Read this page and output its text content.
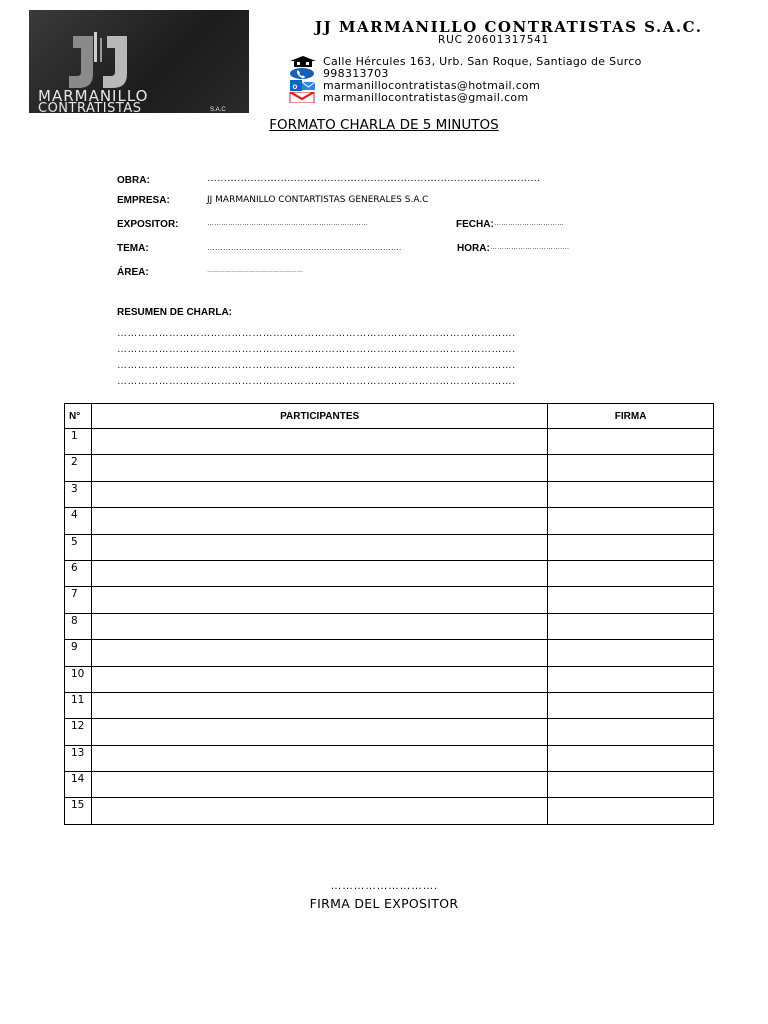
MARMANILLO
CONTRATISTAS	S.A.C
JJ MARMANILLO CONTRATISTAS S.A.C.
RUC 20601317541
Calle Hércules 163, Urb. San Roque, Santiago de Surco
998313703
o marmanillocontratistas@hotmail.com
marmanillocontratistas@gmail.com
FORMATO CHARLA DE 5 MINUTOS
OBRA:	……………………………………………………………………………………….
EMPRESA:	JJ MARMANILLO CONTARTISTAS GENERALES S.A.C
EXPOSITOR:	……………………………………………………………	FECHA: …………………………
TEMA:	……………………………………………………………….	HORA: …………………………….
ÁREA:	…………………………………………
RESUMEN DE CHARLA:
…………………………………………………………………………………………………….
…………………………………………………………………………………………………….
…………………………………………………………………………………………………….
…………………………………………………………………………………………………….
N°	PARTICIPANTES	FIRMA
1		
2		
3		
4		
5		
6		
7		
8		
9		
10		
11		
12		
13		
14		
15		
……………………….
FIRMA DEL EXPOSITOR
